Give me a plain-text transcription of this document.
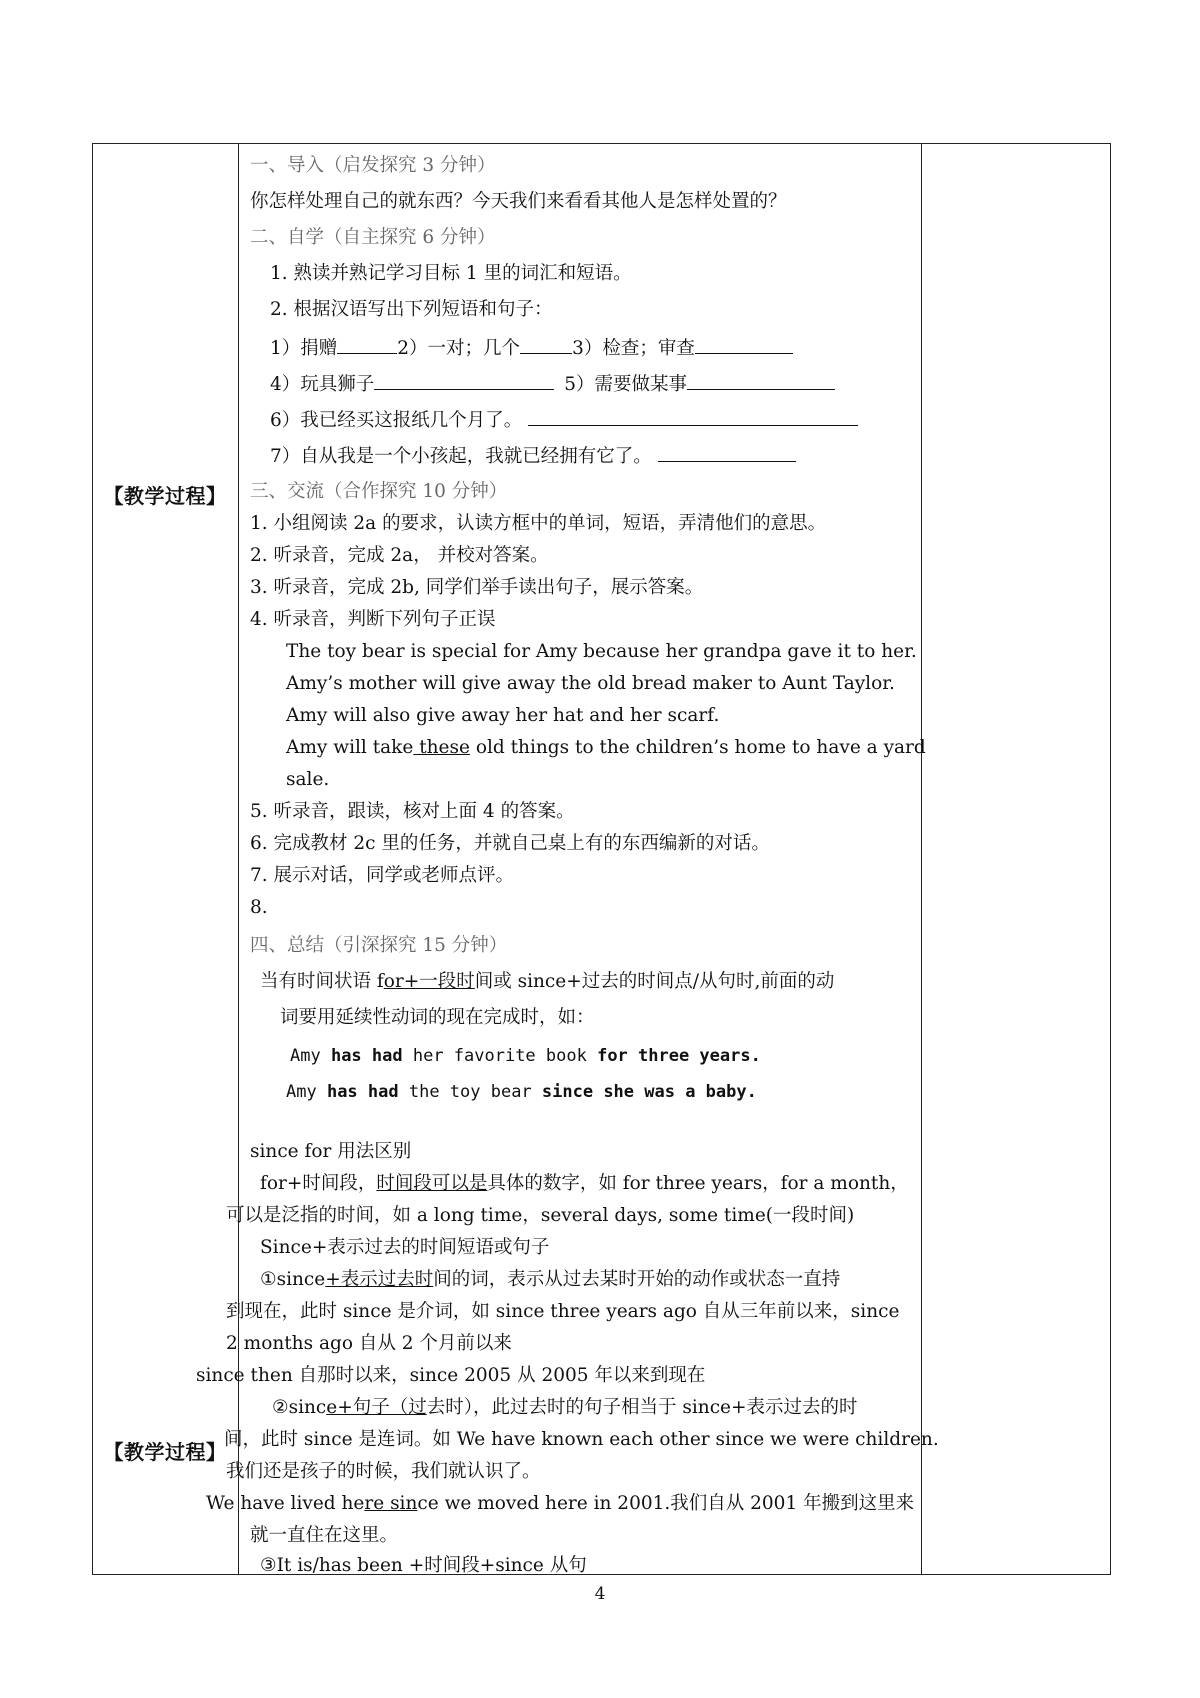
【教学过程】
【教学过程】
一、导入（启发探究 3 分钟）
你怎样处理自己的就东西？今天我们来看看其他人是怎样处置的？
二、自学（自主探究 6 分钟）
1. 熟读并熟记学习目标 1 里的词汇和短语。
2. 根据汉语写出下列短语和句子：
1）捐赠	2）一对；几个	3）检查；审查
4）玩具狮子	5）需要做某事
6）我已经买这报纸几个月了。
7）自从我是一个小孩起，我就已经拥有它了。
三、交流（合作探究 10 分钟）
1. 小组阅读 2a 的要求，认读方框中的单词，短语，弄清他们的意思。
2. 听录音，完成 2a， 并校对答案。
3. 听录音，完成 2b, 同学们举手读出句子，展示答案。
4. 听录音，判断下列句子正误
The toy bear is special for Amy because her grandpa gave it to her.
Amy’s mother will give away the old bread maker to Aunt Taylor.
Amy will also give away her hat and her scarf.
Amy will take these old things to the children’s home to have a yard
sale.
5. 听录音，跟读，核对上面 4 的答案。
6. 完成教材 2c 里的任务，并就自己桌上有的东西编新的对话。
7. 展示对话，同学或老师点评。
8.
四、总结（引深探究 15 分钟）
当有时间状语 for+一段时间或 since+过去的时间点/从句时,前面的动
词要用延续性动词的现在完成时，如：
Amy has had her favorite book for three years.
Amy has had the toy bear since she was a baby.
since for 用法区别
for+时间段，时间段可以是具体的数字，如 for three years，for a month，
可以是泛指的时间，如 a long time，several days, some time(一段时间)
Since+表示过去的时间短语或句子
①since+表示过去时间的词，表示从过去某时开始的动作或状态一直持
到现在，此时 since 是介词，如 since three years ago 自从三年前以来，since
2 months ago 自从 2 个月前以来
since then 自那时以来，since 2005 从 2005 年以来到现在
②since+句子（过去时），此过去时的句子相当于 since+表示过去的时
间，此时 since 是连词。如 We have known each other since we were children.
我们还是孩子的时候，我们就认识了。
We have lived here since we moved here in 2001.我们自从 2001 年搬到这里来
就一直住在这里。
③It is/has been +时间段+since 从句
4
